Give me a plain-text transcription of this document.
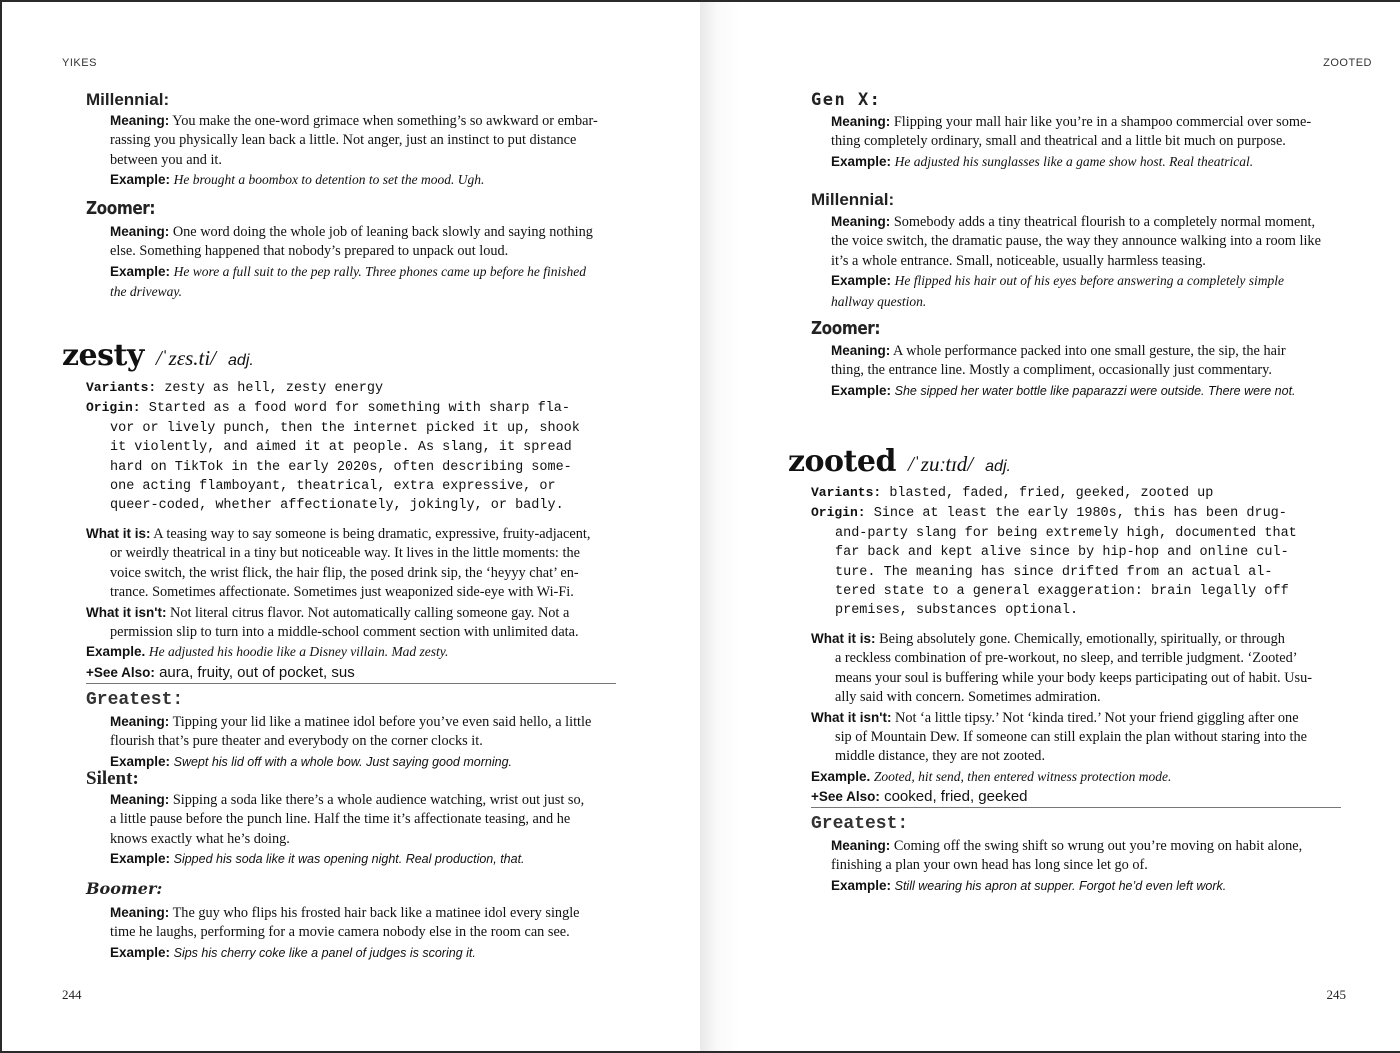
YIKES
Millennial:
Meaning: You make the one-word grimace when something’s so awkward or embar-
rassing you physically lean back a little. Not anger, just an instinct to put distance
between you and it.
Example: He brought a boombox to detention to set the mood. Ugh.
Zoomer:
Meaning: One word doing the whole job of leaning back slowly and saying nothing
else. Something happened that nobody’s prepared to unpack out loud.
Example: He wore a full suit to the pep rally. Three phones came up before he finished
the driveway.
zesty /ˈzɛs.ti/ adj.
Variants: zesty as hell, zesty energy
Origin: Started as a food word for something with sharp fla-
vor or lively punch, then the internet picked it up, shook
it violently, and aimed it at people. As slang, it spread
hard on TikTok in the early 2020s, often describing some-
one acting flamboyant, theatrical, extra expressive, or
queer-coded, whether affectionately, jokingly, or badly.
What it is: A teasing way to say someone is being dramatic, expressive, fruity-adjacent,
or weirdly theatrical in a tiny but noticeable way. It lives in the little moments: the
voice switch, the wrist flick, the hair flip, the posed drink sip, the ‘heyyy chat’ en-
trance. Sometimes affectionate. Sometimes just weaponized side-eye with Wi-Fi.
What it isn't: Not literal citrus flavor. Not automatically calling someone gay. Not a
permission slip to turn into a middle-school comment section with unlimited data.
Example. He adjusted his hoodie like a Disney villain. Mad zesty.
+See Also: aura, fruity, out of pocket, sus
Greatest:
Meaning: Tipping your lid like a matinee idol before you’ve even said hello, a little
flourish that’s pure theater and everybody on the corner clocks it.
Example: Swept his lid off with a whole bow. Just saying good morning.
Silent:
Meaning: Sipping a soda like there’s a whole audience watching, wrist out just so,
a little pause before the punch line. Half the time it’s affectionate teasing, and he
knows exactly what he’s doing.
Example: Sipped his soda like it was opening night. Real production, that.
Boomer:
Meaning: The guy who flips his frosted hair back like a matinee idol every single
time he laughs, performing for a movie camera nobody else in the room can see.
Example: Sips his cherry coke like a panel of judges is scoring it.
244
ZOOTED
Gen X:
Meaning: Flipping your mall hair like you’re in a shampoo commercial over some-
thing completely ordinary, small and theatrical and a little bit much on purpose.
Example: He adjusted his sunglasses like a game show host. Real theatrical.
Millennial:
Meaning: Somebody adds a tiny theatrical flourish to a completely normal moment,
the voice switch, the dramatic pause, the way they announce walking into a room like
it’s a whole entrance. Small, noticeable, usually harmless teasing.
Example: He flipped his hair out of his eyes before answering a completely simple
hallway question.
Zoomer:
Meaning: A whole performance packed into one small gesture, the sip, the hair
thing, the entrance line. Mostly a compliment, occasionally just commentary.
Example: She sipped her water bottle like paparazzi were outside. There were not.
zooted /ˈzuːtɪd/ adj.
Variants: blasted, faded, fried, geeked, zooted up
Origin: Since at least the early 1980s, this has been drug-
and-party slang for being extremely high, documented that
far back and kept alive since by hip-hop and online cul-
ture. The meaning has since drifted from an actual al-
tered state to a general exaggeration: brain legally off
premises, substances optional.
What it is: Being absolutely gone. Chemically, emotionally, spiritually, or through
a reckless combination of pre-workout, no sleep, and terrible judgment. ‘Zooted’
means your soul is buffering while your body keeps participating out of habit. Usu-
ally said with concern. Sometimes admiration.
What it isn't: Not ‘a little tipsy.’ Not ‘kinda tired.’ Not your friend giggling after one
sip of Mountain Dew. If someone can still explain the plan without staring into the
middle distance, they are not zooted.
Example. Zooted, hit send, then entered witness protection mode.
+See Also: cooked, fried, geeked
Greatest:
Meaning: Coming off the swing shift so wrung out you’re moving on habit alone,
finishing a plan your own head has long since let go of.
Example: Still wearing his apron at supper. Forgot he’d even left work.
245
